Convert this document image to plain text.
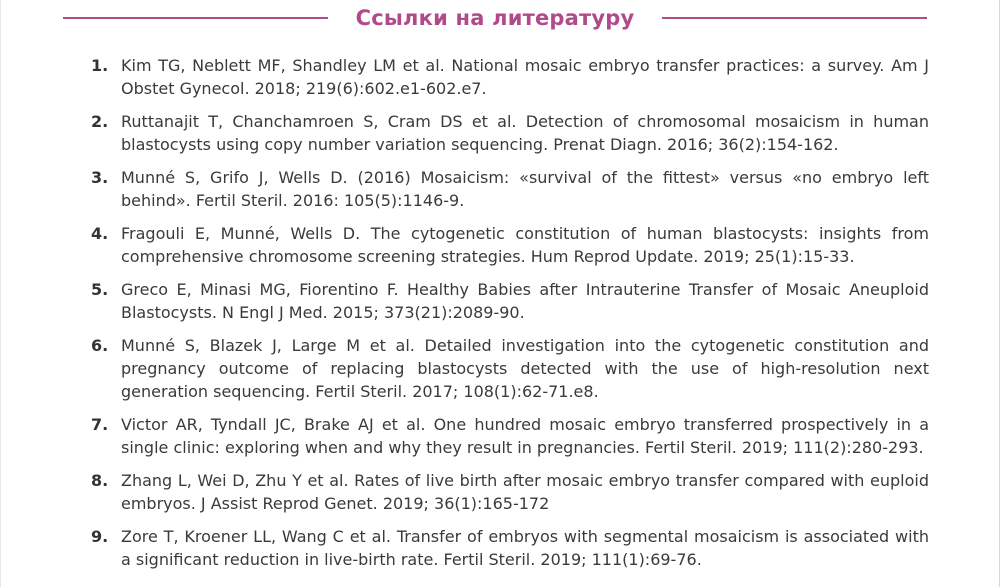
Ссылки на литературу
1. Kim TG, Neblett MF, Shandley LM et al. National mosaic embryo transfer practices: a survey. Am J Obstet Gynecol. 2018; 219(6):602.e1-602.e7.
2. Ruttanajit T, Chanchamroen S, Cram DS et al. Detection of chromosomal mosaicism in human blastocysts using copy number variation sequencing. Prenat Diagn. 2016; 36(2):154-162.
3. Munné S, Grifo J, Wells D. (2016) Mosaicism: «survival of the fittest» versus «no embryo left behind». Fertil Steril. 2016: 105(5):1146-9.
4. Fragouli E, Munné, Wells D. The cytogenetic constitution of human blastocysts: insights from comprehensive chromosome screening strategies. Hum Reprod Update. 2019; 25(1):15-33.
5. Greco E, Minasi MG, Fiorentino F. Healthy Babies after Intrauterine Transfer of Mosaic Aneuploid Blastocysts. N Engl J Med. 2015; 373(21):2089-90.
6. Munné S, Blazek J, Large M et al. Detailed investigation into the cytogenetic constitution and pregnancy outcome of replacing blastocysts detected with the use of high-resolution next generation sequencing. Fertil Steril. 2017; 108(1):62-71.e8.
7. Victor AR, Tyndall JC, Brake AJ et al. One hundred mosaic embryo transferred prospectively in a single clinic: exploring when and why they result in pregnancies. Fertil Steril. 2019; 111(2):280-293.
8. Zhang L, Wei D, Zhu Y et al. Rates of live birth after mosaic embryo transfer compared with euploid embryos. J Assist Reprod Genet. 2019; 36(1):165-172
9. Zore T, Kroener LL, Wang C et al. Transfer of embryos with segmental mosaicism is associated with a significant reduction in live-birth rate. Fertil Steril. 2019; 111(1):69-76.
